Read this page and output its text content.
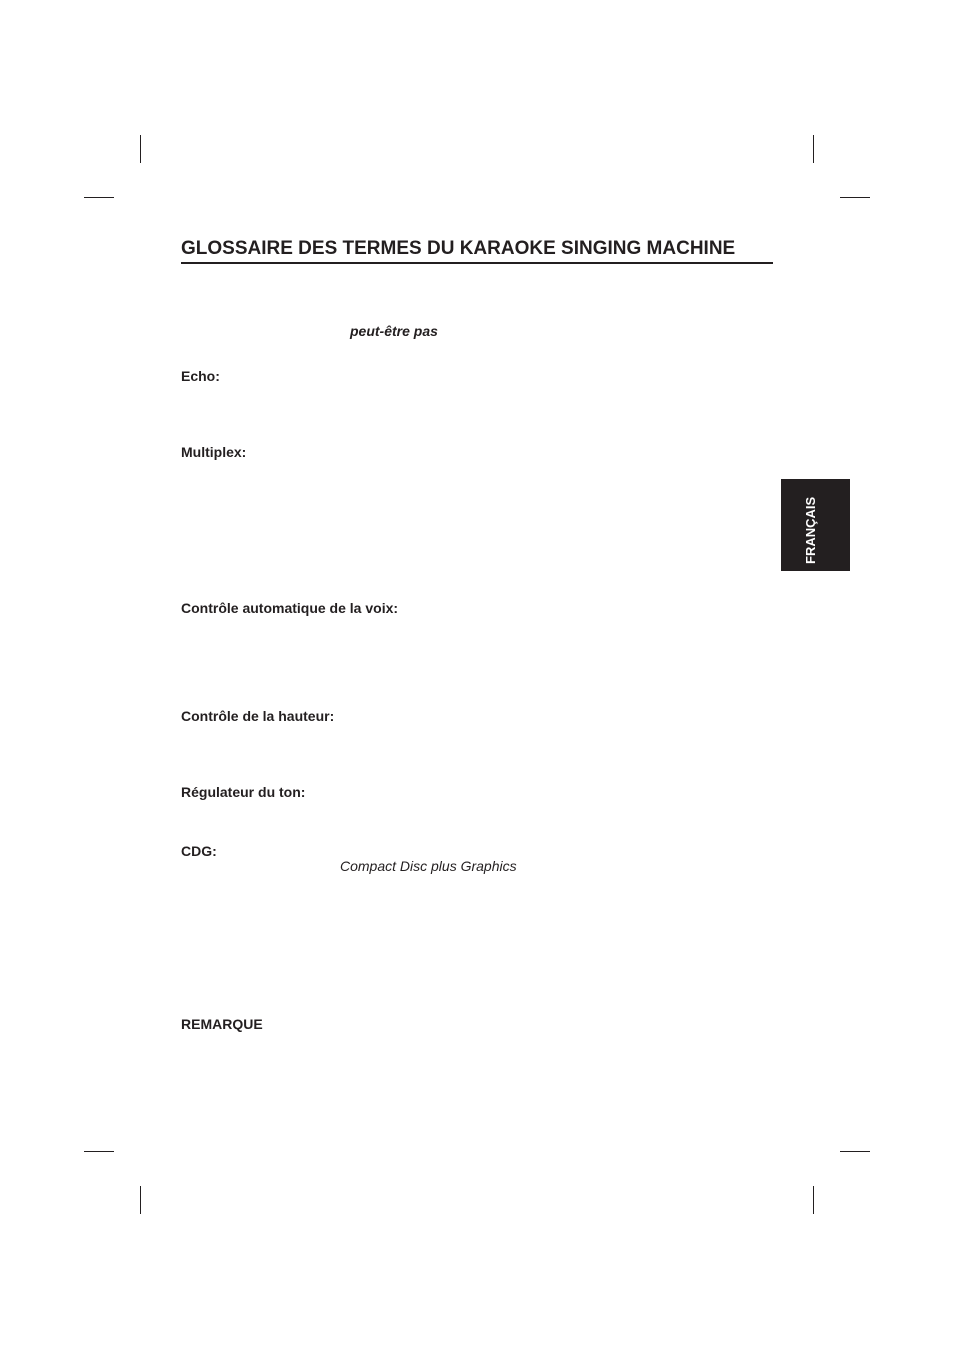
GLOSSAIRE DES TERMES DU KARAOKE SINGING MACHINE

peut-être pas

Echo:

Multiplex:

Contrôle automatique de la voix:

Contrôle de la hauteur:

Régulateur du ton:

CDG:

Compact Disc plus Graphics

REMARQUE

FRANÇAIS
